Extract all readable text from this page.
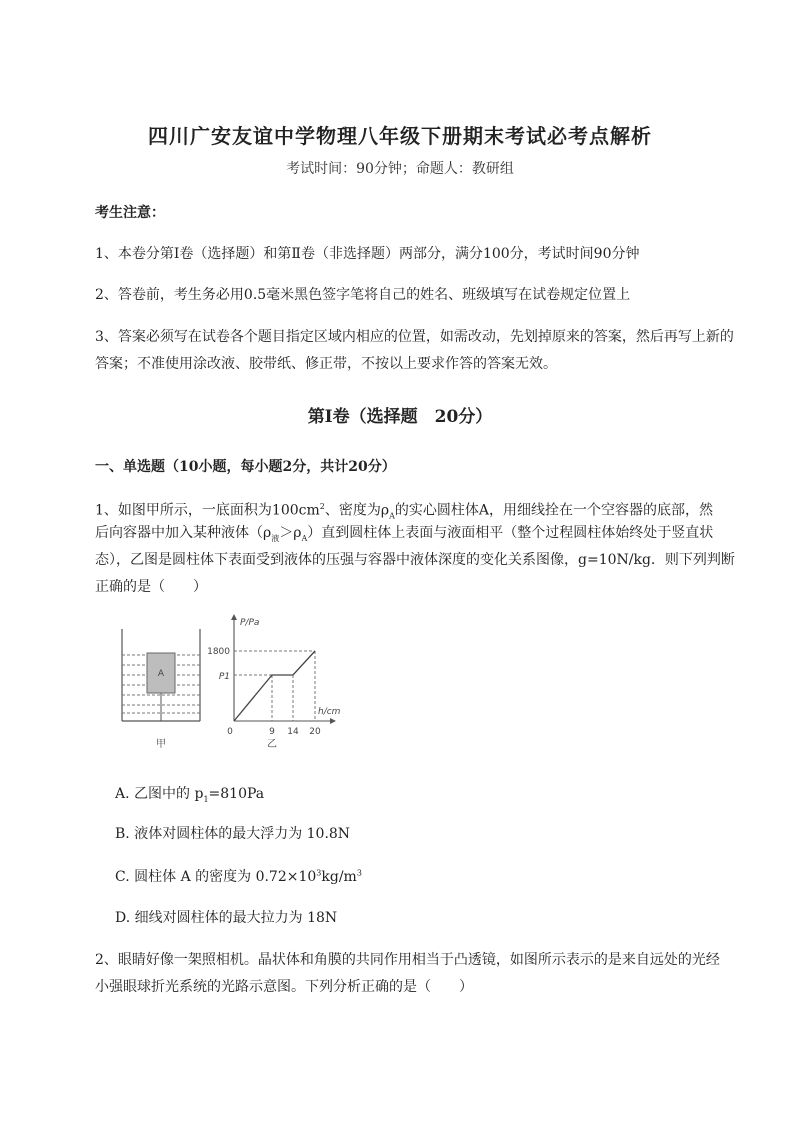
四川广安友谊中学物理八年级下册期末考试必考点解析
考试时间：90分钟；命题人：教研组
考生注意：
1、本卷分第I卷（选择题）和第Ⅱ卷（非选择题）两部分，满分100分，考试时间90分钟
2、答卷前，考生务必用0.5毫米黑色签字笔将自己的姓名、班级填写在试卷规定位置上
3、答案必须写在试卷各个题目指定区域内相应的位置，如需改动，先划掉原来的答案，然后再写上新的答案；不准使用涂改液、胶带纸、修正带，不按以上要求作答的答案无效。
第I卷（选择题　20分）
一、单选题（10小题，每小题2分，共计20分）
1、如图甲所示，一底面积为$100cm^2$、密度为$\rho_A$的实心圆柱体A，用细线拴在一个空容器的底部，然
后向容器中加入某种液体$(\rho_液>\rho_A)$直到圆柱体上表面与液面相平（整个过程圆柱体始终处于竖直状
态），乙图是圆柱体下表面受到液体的压强与容器中液体深度的变化关系图像，g=10N/kg．则下列判断
正确的是（　　）
A
甲
P/Pa
h/cm
1800
P1
0	9 14 20
乙
A. 乙图中的 $p_1=810Pa$
B. 液体对圆柱体的最大浮力为 10.8N
C. 圆柱体 A 的密度为 $0.72\times 10^3kg/m^3$
D. 细线对圆柱体的最大拉力为 18N
2、眼睛好像一架照相机。晶状体和角膜的共同作用相当于凸透镜，如图所示表示的是来自远处的光经
小强眼球折光系统的光路示意图。下列分析正确的是（　　）
